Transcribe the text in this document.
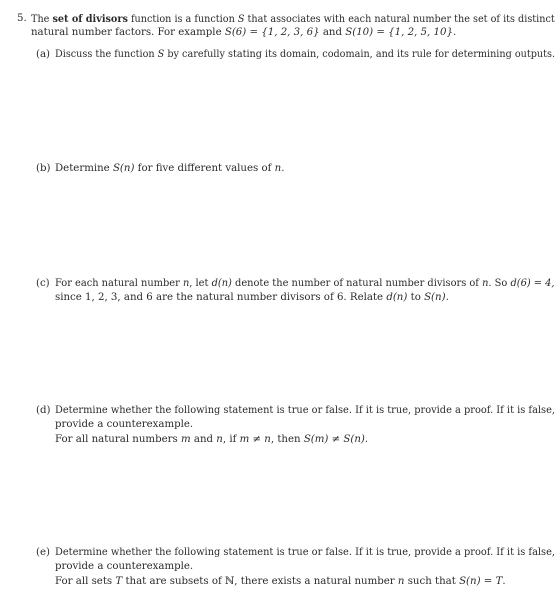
5. The set of divisors function is a function S that associates with each natural number the set of its distinct
natural number factors. For example S(6) = {1, 2, 3, 6} and S(10) = {1, 2, 5, 10}.
(a) Discuss the function S by carefully stating its domain, codomain, and its rule for determining outputs.
(b) Determine S(n) for five different values of n.
(c) For each natural number n, let d(n) denote the number of natural number divisors of n. So d(6) = 4,
since 1, 2, 3, and 6 are the natural number divisors of 6. Relate d(n) to S(n).
(d) Determine whether the following statement is true or false. If it is true, provide a proof. If it is false,
provide a counterexample.
For all natural numbers m and n, if m ≠ n, then S(m) ≠ S(n).
(e) Determine whether the following statement is true or false. If it is true, provide a proof. If it is false,
provide a counterexample.
For all sets T that are subsets of ℕ, there exists a natural number n such that S(n) = T.
